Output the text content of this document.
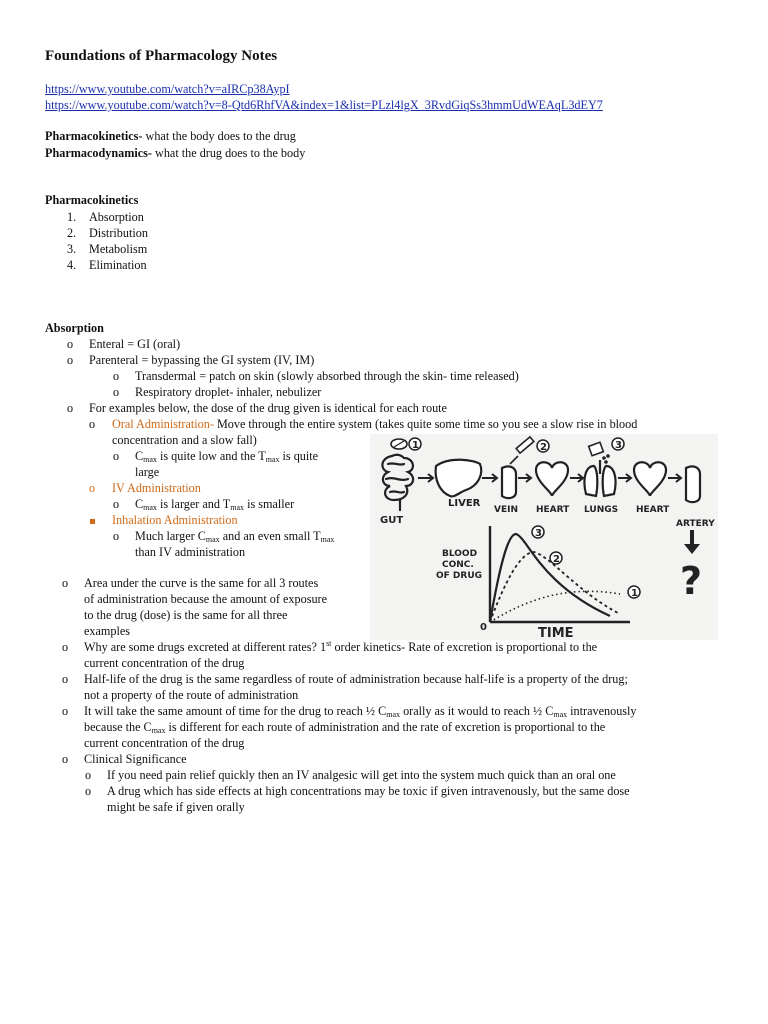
Foundations of Pharmacology Notes
https://www.youtube.com/watch?v=aIRCp38AypI
https://www.youtube.com/watch?v=8-Qtd6RhfVA&index=1&list=PLzl4lgX_3RvdGiqSs3hmmUdWEAqL3dEY7
Pharmacokinetics- what the body does to the drug
Pharmacodynamics- what the drug does to the body
Pharmacokinetics
1. Absorption
2. Distribution
3. Metabolism
4. Elimination
Absorption
o Enteral = GI (oral)
o Parenteral = bypassing the GI system (IV, IM)
o Transdermal = patch on skin (slowly absorbed through the skin- time released)
o Respiratory droplet- inhaler, nebulizer
o For examples below, the dose of the drug given is identical for each route
o Oral Administration- Move through the entire system (takes quite some time so you see a slow rise in blood
concentration and a slow fall)
o $C_{max}$ is quite low and the $T_{max}$ is quite
large
o IV Administration
o $C_{max}$ is larger and $T_{max}$ is smaller
Inhalation Administration
o Much larger $C_{max}$ and an even small $T_{max}$
than IV administration
o Area under the curve is the same for all 3 routes
of administration because the amount of exposure
to the drug (dose) is the same for all three
examples
o Why are some drugs excreted at different rates? 1st order kinetics- Rate of excretion is proportional to the
current concentration of the drug
o Half-life of the drug is the same regardless of route of administration because half-life is a property of the drug;
not a property of the route of administration
o It will take the same amount of time for the drug to reach ½ $C_{max}$ orally as it would to reach ½ $C_{max}$ intravenously
because the $C_{max}$ is different for each route of administration and the rate of excretion is proportional to the
current concentration of the drug
o Clinical Significance
o If you need pain relief quickly then an IV analgesic will get into the system much quick than an oral one
o A drug which has side effects at high concentrations may be toxic if given intravenously, but the same dose
might be safe if given orally
1
GUT
LIVER
VEIN
2
HEART LUNGS
3
HEART
ARTERY
?
BLOOD
CONC.
OF DRUG
3
2
1
0	TIME
